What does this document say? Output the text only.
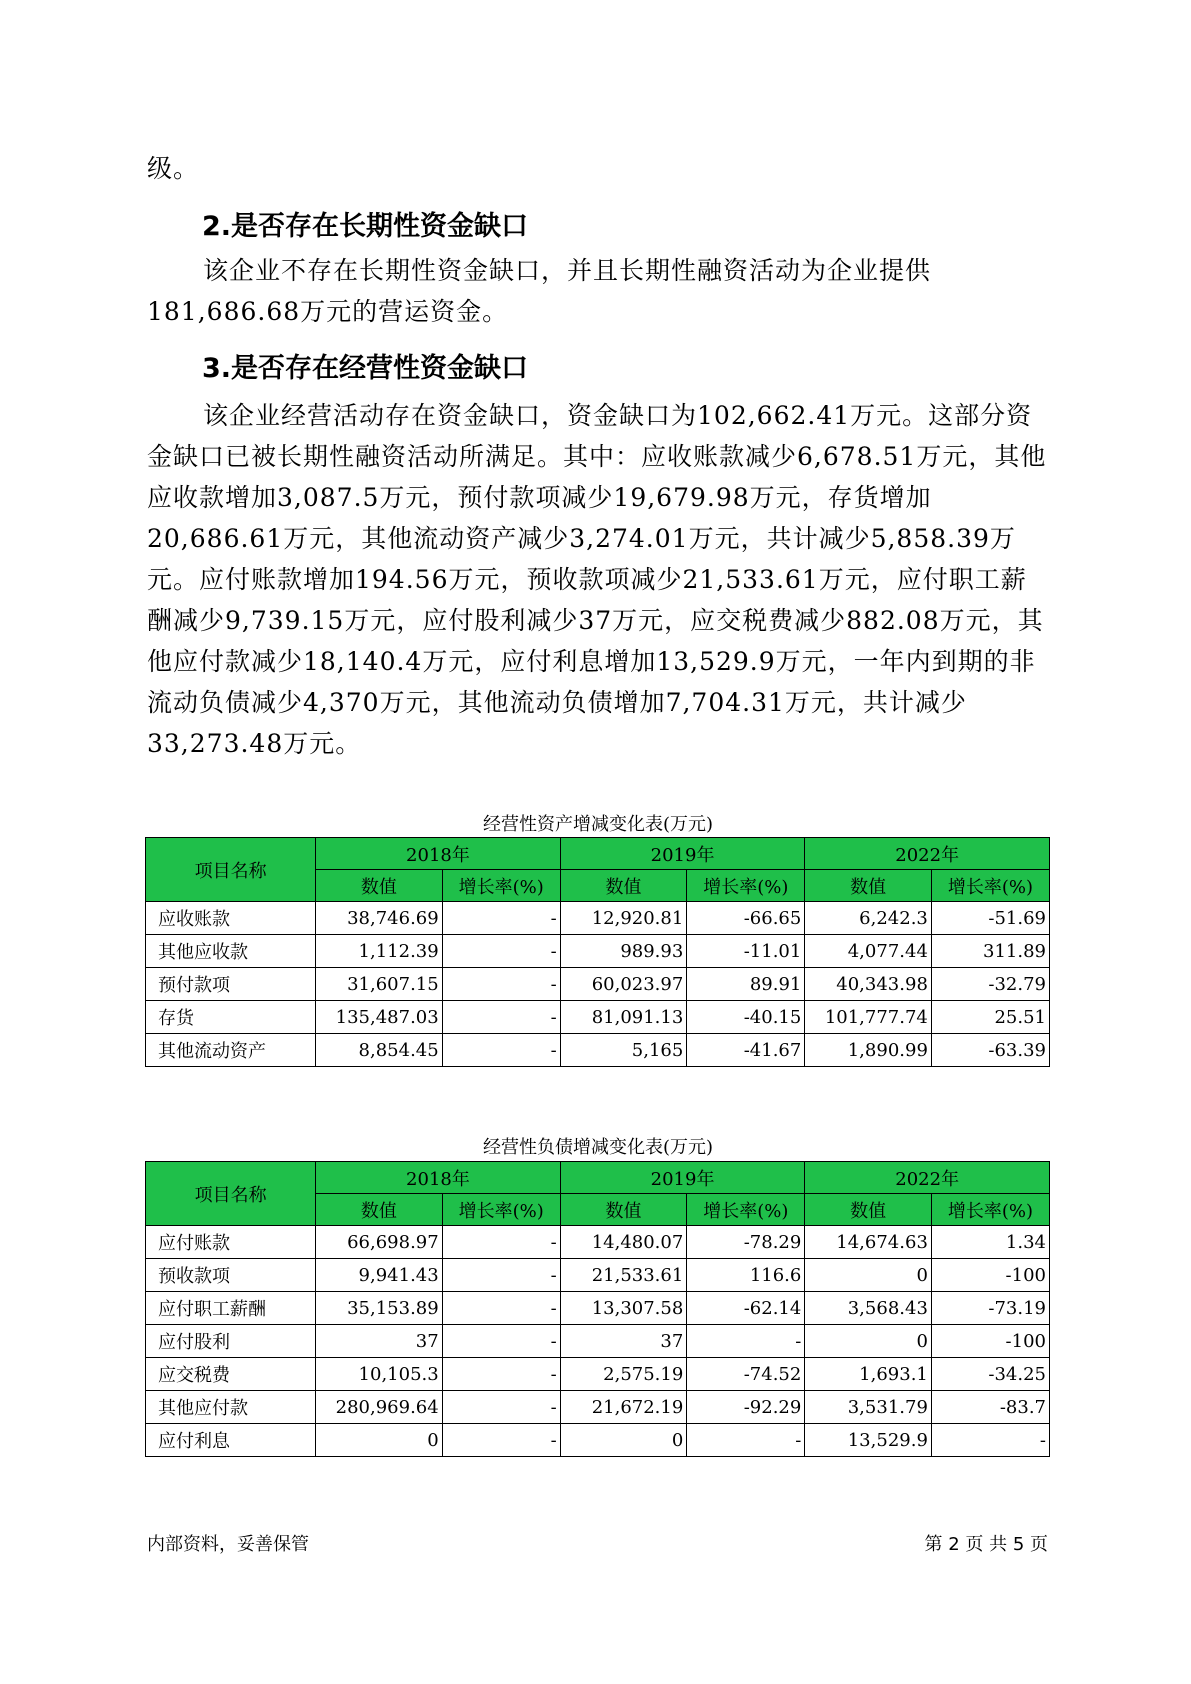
级。

2.是否存在长期性资金缺口

该企业不存在长期性资金缺口，并且长期性融资活动为企业提供181,686.68万元的营运资金。

3.是否存在经营性资金缺口

该企业经营活动存在资金缺口，资金缺口为102,662.41万元。这部分资金缺口已被长期性融资活动所满足。其中：应收账款减少6,678.51万元，其他应收款增加3,087.5万元，预付款项减少19,679.98万元，存货增加20,686.61万元，其他流动资产减少3,274.01万元，共计减少5,858.39万元。应付账款增加194.56万元，预收款项减少21,533.61万元，应付职工薪酬减少9,739.15万元，应付股利减少37万元，应交税费减少882.08万元，其他应付款减少18,140.4万元，应付利息增加13,529.9万元，一年内到期的非流动负债减少4,370万元，其他流动负债增加7,704.31万元，共计减少33,273.48万元。

经营性资产增减变化表(万元)
项目名称	2018年		2019年		2022年	
	数值	增长率(%)	数值	增长率(%)	数值	增长率(%)
应收账款	38,746.69	-	12,920.81	-66.65	6,242.3	-51.69
其他应收款	1,112.39	-	989.93	-11.01	4,077.44	311.89
预付款项	31,607.15	-	60,023.97	89.91	40,343.98	-32.79
存货	135,487.03	-	81,091.13	-40.15	101,777.74	25.51
其他流动资产	8,854.45	-	5,165	-41.67	1,890.99	-63.39
经营性负债增减变化表(万元)
项目名称	2018年		2019年		2022年	
	数值	增长率(%)	数值	增长率(%)	数值	增长率(%)
应付账款	66,698.97	-	14,480.07	-78.29	14,674.63	1.34
预收款项	9,941.43	-	21,533.61	116.6	0	-100
应付职工薪酬	35,153.89	-	13,307.58	-62.14	3,568.43	-73.19
应付股利	37	-	37	-	0	-100
应交税费	10,105.3	-	2,575.19	-74.52	1,693.1	-34.25
其他应付款	280,969.64	-	21,672.19	-92.29	3,531.79	-83.7
应付利息	0	-	0	-	13,529.9	-
内部资料，妥善保管	第 2 页 共 5 页
